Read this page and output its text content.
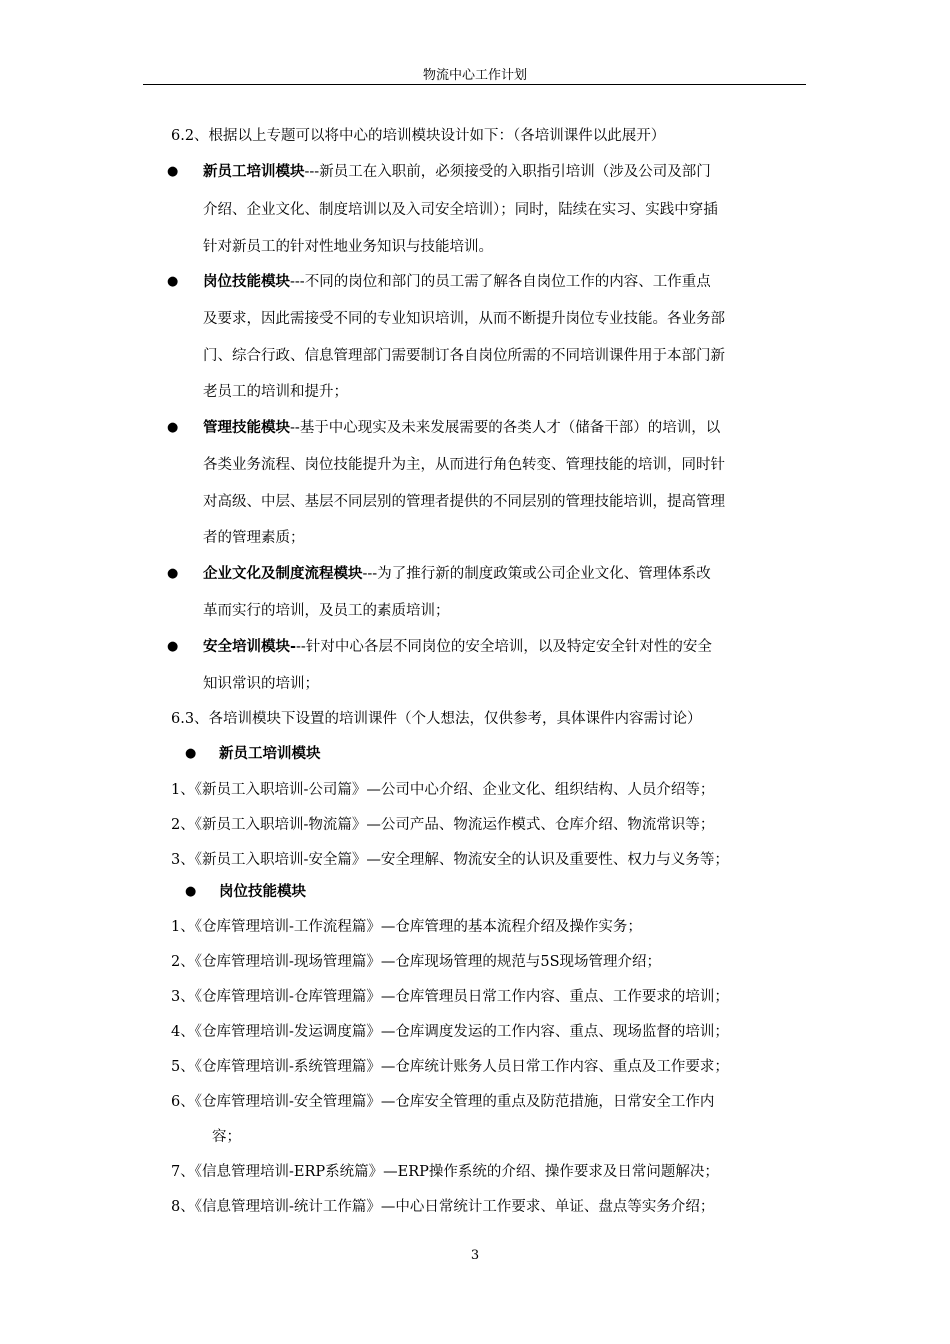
物流中心工作计划
6.2、根据以上专题可以将中心的培训模块设计如下：（各培训课件以此展开）
● 新员工培训模块---新员工在入职前，必须接受的入职指引培训（涉及公司及部门
介绍、企业文化、制度培训以及入司安全培训）；同时，陆续在实习、实践中穿插
针对新员工的针对性地业务知识与技能培训。
● 岗位技能模块---不同的岗位和部门的员工需了解各自岗位工作的内容、工作重点
及要求，因此需接受不同的专业知识培训，从而不断提升岗位专业技能。各业务部
门、综合行政、信息管理部门需要制订各自岗位所需的不同培训课件用于本部门新
老员工的培训和提升；
● 管理技能模块--基于中心现实及未来发展需要的各类人才（储备干部）的培训，以
各类业务流程、岗位技能提升为主，从而进行角色转变、管理技能的培训，同时针
对高级、中层、基层不同层别的管理者提供的不同层别的管理技能培训，提高管理
者的管理素质；
● 企业文化及制度流程模块---为了推行新的制度政策或公司企业文化、管理体系改
革而实行的培训，及员工的素质培训；
● 安全培训模块---针对中心各层不同岗位的安全培训，以及特定安全针对性的安全
知识常识的培训；
6.3、各培训模块下设置的培训课件（个人想法，仅供参考，具体课件内容需讨论）
● 新员工培训模块
1、《新员工入职培训-公司篇》—公司中心介绍、企业文化、组织结构、人员介绍等；
2、《新员工入职培训-物流篇》—公司产品、物流运作模式、仓库介绍、物流常识等；
3、《新员工入职培训-安全篇》—安全理解、物流安全的认识及重要性、权力与义务等；
● 岗位技能模块
1、《仓库管理培训-工作流程篇》—仓库管理的基本流程介绍及操作实务；
2、《仓库管理培训-现场管理篇》—仓库现场管理的规范与5S现场管理介绍；
3、《仓库管理培训-仓库管理篇》—仓库管理员日常工作内容、重点、工作要求的培训；
4、《仓库管理培训-发运调度篇》—仓库调度发运的工作内容、重点、现场监督的培训；
5、《仓库管理培训-系统管理篇》—仓库统计账务人员日常工作内容、重点及工作要求；
6、《仓库管理培训-安全管理篇》—仓库安全管理的重点及防范措施，日常安全工作内
容；
7、《信息管理培训-ERP系统篇》—ERP操作系统的介绍、操作要求及日常问题解决；
8、《信息管理培训-统计工作篇》—中心日常统计工作要求、单证、盘点等实务介绍；
3
